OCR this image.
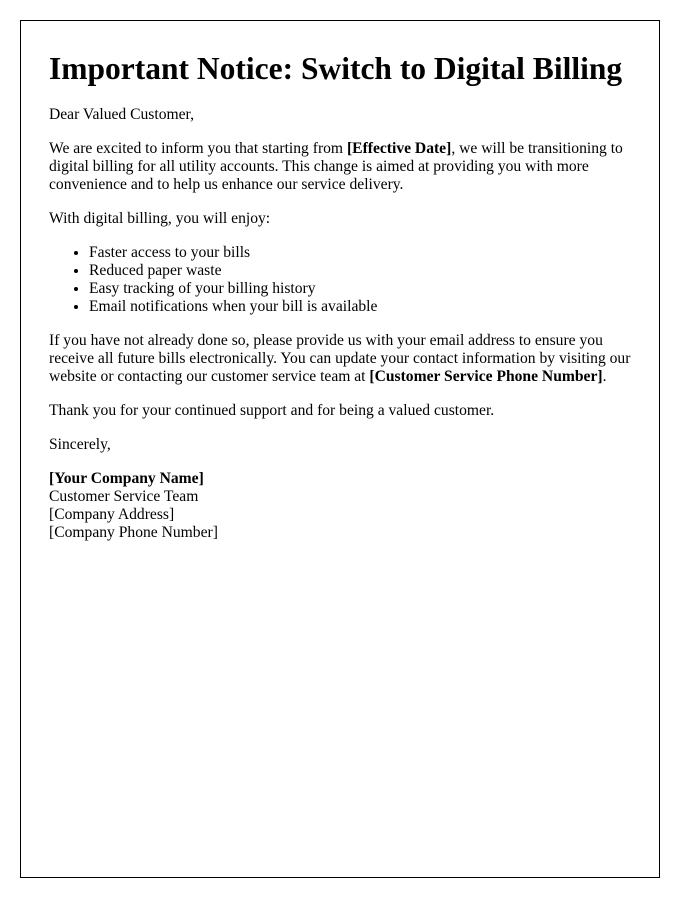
Important Notice: Switch to Digital Billing

Dear Valued Customer,

We are excited to inform you that starting from [Effective Date], we will be transitioning to digital billing for all utility accounts. This change is aimed at providing you with more convenience and to help us enhance our service delivery.

With digital billing, you will enjoy:

• Faster access to your bills
• Reduced paper waste
• Easy tracking of your billing history
• Email notifications when your bill is available

If you have not already done so, please provide us with your email address to ensure you receive all future bills electronically. You can update your contact information by visiting our website or contacting our customer service team at [Customer Service Phone Number].

Thank you for your continued support and for being a valued customer.

Sincerely,

[Your Company Name]
Customer Service Team
[Company Address]
[Company Phone Number]
